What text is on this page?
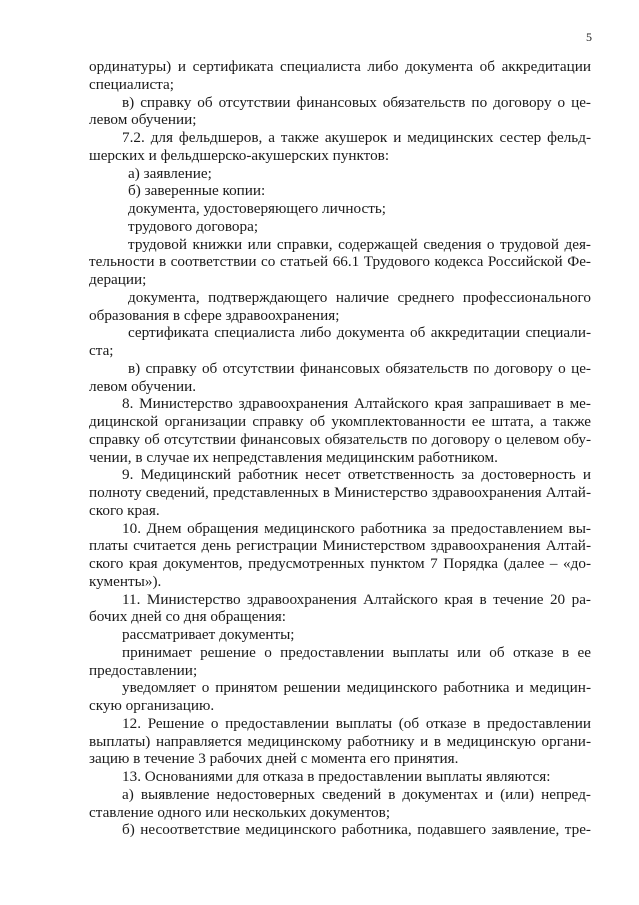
5
ординатуры) и сертификата специалиста либо документа об аккредитации
специалиста;
в) справку об отсутствии финансовых обязательств по договору о це-
левом обучении;
7.2. для фельдшеров, а также акушерок и медицинских сестер фельд-
шерских и фельдшерско-акушерских пунктов:
а) заявление;
б) заверенные копии:
документа, удостоверяющего личность;
трудового договора;
трудовой книжки или справки, содержащей сведения о трудовой дея-
тельности в соответствии со статьей 66.1 Трудового кодекса Российской Фе-
дерации;
документа, подтверждающего наличие среднего профессионального
образования в сфере здравоохранения;
сертификата специалиста либо документа об аккредитации специали-
ста;
в) справку об отсутствии финансовых обязательств по договору о це-
левом обучении.
8. Министерство здравоохранения Алтайского края запрашивает в ме-
дицинской организации справку об укомплектованности ее штата, а также
справку об отсутствии финансовых обязательств по договору о целевом обу-
чении, в случае их непредставления медицинским работником.
9. Медицинский работник несет ответственность за достоверность и
полноту сведений, представленных в Министерство здравоохранения Алтай-
ского края.
10. Днем обращения медицинского работника за предоставлением вы-
платы считается день регистрации Министерством здравоохранения Алтай-
ского края документов, предусмотренных пунктом 7 Порядка (далее – «до-
кументы»).
11. Министерство здравоохранения Алтайского края в течение 20 ра-
бочих дней со дня обращения:
рассматривает документы;
принимает решение о предоставлении выплаты или об отказе в ее
предоставлении;
уведомляет о принятом решении медицинского работника и медицин-
скую организацию.
12. Решение о предоставлении выплаты (об отказе в предоставлении
выплаты) направляется медицинскому работнику и в медицинскую органи-
зацию в течение 3 рабочих дней с момента его принятия.
13. Основаниями для отказа в предоставлении выплаты являются:
а) выявление недостоверных сведений в документах и (или) непред-
ставление одного или нескольких документов;
б) несоответствие медицинского работника, подавшего заявление, тре-
